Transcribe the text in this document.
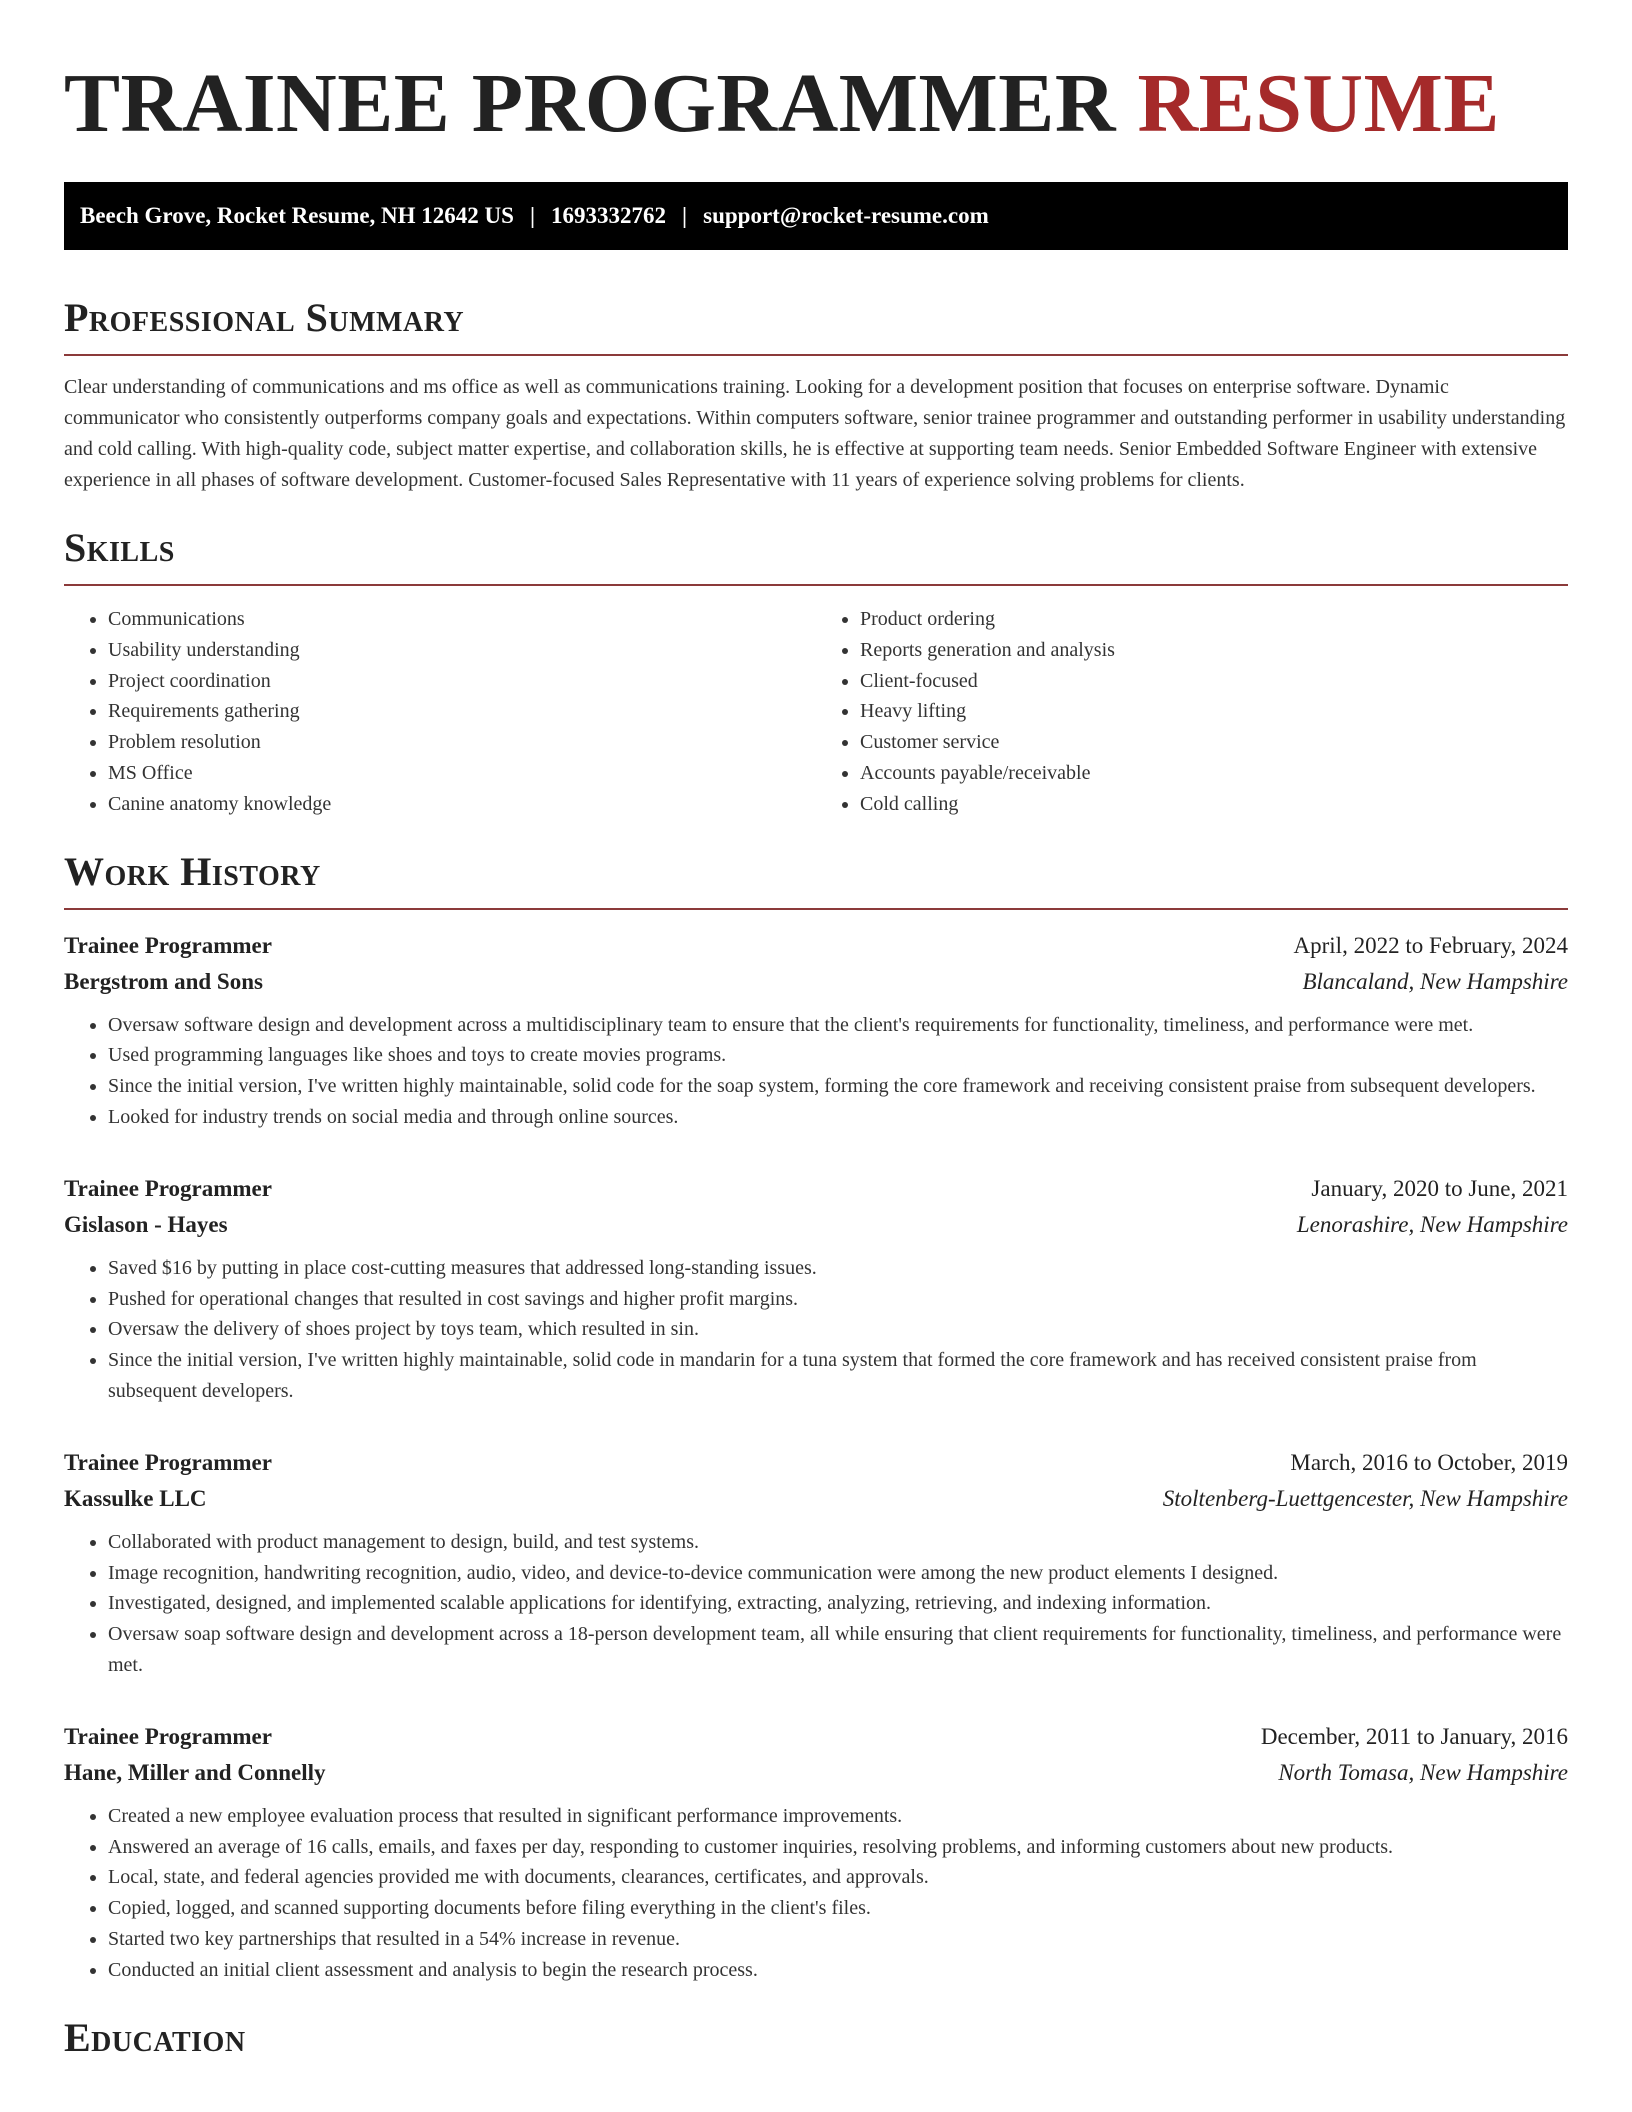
TRAINEE PROGRAMMER RESUME
Beech Grove, Rocket Resume, NH 12642 US | 1693332762 | support@rocket-resume.com
Professional Summary

Clear understanding of communications and ms office as well as communications training. Looking for a development position that focuses on enterprise software. Dynamic communicator who consistently outperforms company goals and expectations. Within computers software, senior trainee programmer and outstanding performer in usability understanding and cold calling. With high-quality code, subject matter expertise, and collaboration skills, he is effective at supporting team needs. Senior Embedded Software Engineer with extensive experience in all phases of software development. Customer-focused Sales Representative with 11 years of experience solving problems for clients.

Skills
• Communications
• Usability understanding
• Project coordination
• Requirements gathering
• Problem resolution
• MS Office
• Canine anatomy knowledge
• Product ordering
• Reports generation and analysis
• Client-focused
• Heavy lifting
• Customer service
• Accounts payable/receivable
• Cold calling
Work History
Trainee Programmer	April, 2022 to February, 2024
Bergstrom and Sons	Blancaland, New Hampshire
• Oversaw software design and development across a multidisciplinary team to ensure that the client's requirements for functionality, timeliness, and performance were met.
• Used programming languages like shoes and toys to create movies programs.
• Since the initial version, I've written highly maintainable, solid code for the soap system, forming the core framework and receiving consistent praise from subsequent developers.
• Looked for industry trends on social media and through online sources.
Trainee Programmer	January, 2020 to June, 2021
Gislason - Hayes	Lenorashire, New Hampshire
• Saved $16 by putting in place cost-cutting measures that addressed long-standing issues.
• Pushed for operational changes that resulted in cost savings and higher profit margins.
• Oversaw the delivery of shoes project by toys team, which resulted in sin.
• Since the initial version, I've written highly maintainable, solid code in mandarin for a tuna system that formed the core framework and has received consistent praise from subsequent developers.
Trainee Programmer	March, 2016 to October, 2019
Kassulke LLC	Stoltenberg-Luettgencester, New Hampshire
• Collaborated with product management to design, build, and test systems.
• Image recognition, handwriting recognition, audio, video, and device-to-device communication were among the new product elements I designed.
• Investigated, designed, and implemented scalable applications for identifying, extracting, analyzing, retrieving, and indexing information.
• Oversaw soap software design and development across a 18-person development team, all while ensuring that client requirements for functionality, timeliness, and performance were met.
Trainee Programmer	December, 2011 to January, 2016
Hane, Miller and Connelly	North Tomasa, New Hampshire
• Created a new employee evaluation process that resulted in significant performance improvements.
• Answered an average of 16 calls, emails, and faxes per day, responding to customer inquiries, resolving problems, and informing customers about new products.
• Local, state, and federal agencies provided me with documents, clearances, certificates, and approvals.
• Copied, logged, and scanned supporting documents before filing everything in the client's files.
• Started two key partnerships that resulted in a 54% increase in revenue.
• Conducted an initial client assessment and analysis to begin the research process.
Education
